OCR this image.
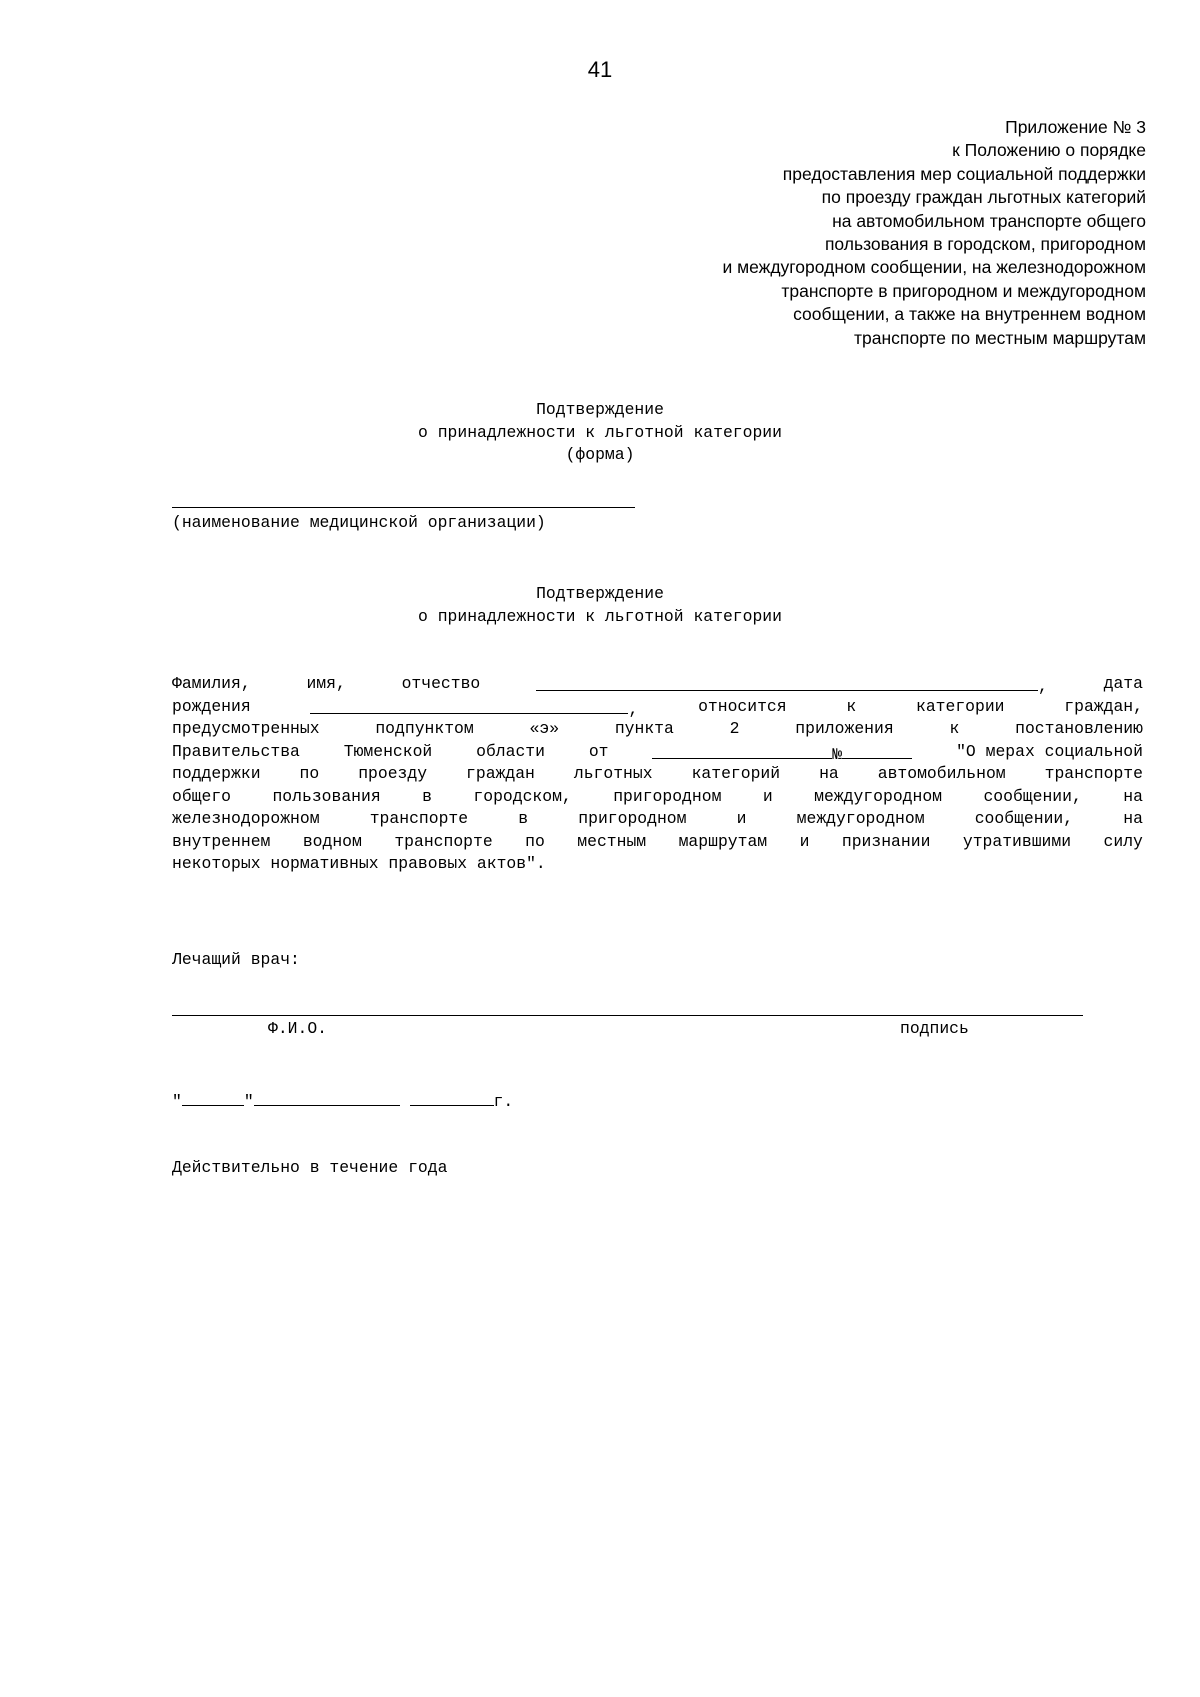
41
Приложение № 3
к Положению о порядке
предоставления мер социальной поддержки
по проезду граждан льготных категорий
на автомобильном транспорте общего
пользования в городском, пригородном
и междугородном сообщении, на железнодорожном
транспорте в пригородном и междугородном
сообщении, а также на внутреннем водном
транспорте по местным маршрутам
Подтверждение
о принадлежности к льготной категории
(форма)
(наименование медицинской организации)
Подтверждение
о принадлежности к льготной категории
Фамилия,	имя,	отчество	,	дата
рождения	,	относится	к	категории	граждан,
предусмотренных	подпунктом	«э»	пункта	2	приложения	к	постановлению
Правительства	Тюменской	области	от	№	"О мерах социальной
поддержки по проезду граждан льготных категорий на автомобильном транспорте
общего	пользования	в	городском,	пригородном	и	междугородном	сообщении,	на
железнодорожном	транспорте	в	пригородном	и	междугородном	сообщении,	на
внутреннем водном транспорте по местным маршрутам и признании утратившими силу
некоторых нормативных правовых актов".
Лечащий врач:
Ф.И.О.	подпись
"	"	г.
Действительно в течение года
